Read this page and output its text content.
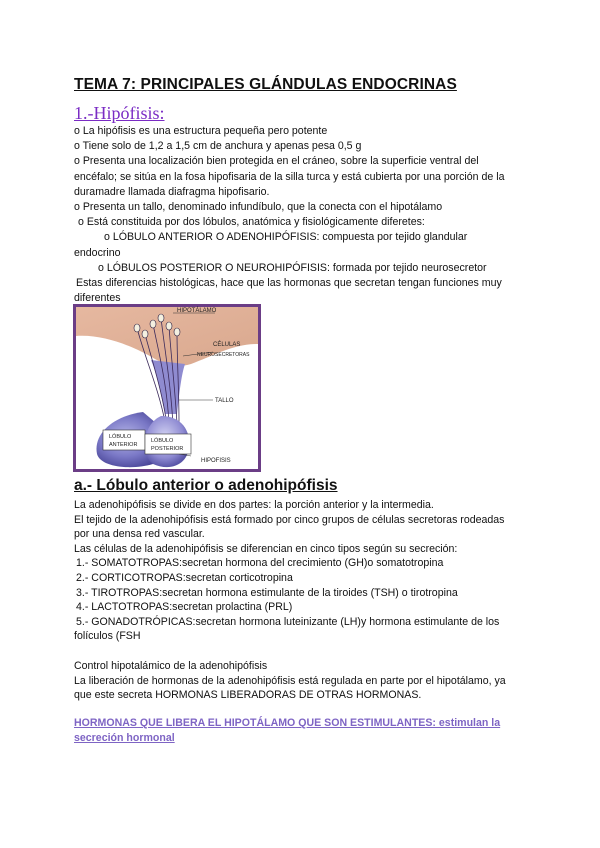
TEMA 7: PRINCIPALES GLÁNDULAS ENDOCRINAS
1.-Hipófisis:
o La hipófisis es una estructura pequeña pero potente
o Tiene solo de 1,2 a 1,5 cm de anchura y apenas pesa 0,5 g
o Presenta una localización bien protegida en el cráneo, sobre la superficie ventral del
encéfalo; se sitúa en la fosa hipofisaria de la silla turca y está cubierta por una porción de la
duramadre llamada diafragma hipofisario.
o Presenta un tallo, denominado infundíbulo, que la conecta con el hipotálamo
o Está constituida por dos lóbulos, anatómica y fisiológicamente diferetes:
o LÓBULO ANTERIOR O ADENOHIPÓFISIS: compuesta por tejido glandular
endocrino
o LÓBULOS POSTERIOR O NEUROHIPÓFISIS: formada por tejido neurosecretor
Estas diferencias histológicas, hace que las hormonas que secretan tengan funciones muy
diferentes
HIPOTÁLAMO
CÉLULAS
NEUROSECRETORAS
TALLO
LÓBULO
ANTERIOR
LÓBULO
POSTERIOR
HIPOFISIS
a.- Lóbulo anterior o adenohipófisis
La adenohipófisis se divide en dos partes: la porción anterior y la intermedia.
El tejido de la adenohipófisis está formado por cinco grupos de células secretoras rodeadas
por una densa red vascular.
Las células de la adenohipófisis se diferencian en cinco tipos según su secreción:
1.- SOMATOTROPAS:secretan hormona del crecimiento (GH)o somatotropina
2.- CORTICOTROPAS:secretan corticotropina
3.- TIROTROPAS:secretan hormona estimulante de la tiroides (TSH) o tirotropina
4.- LACTOTROPAS:secretan prolactina (PRL)
5.- GONADOTRÓPICAS:secretan hormona luteinizante (LH)y hormona estimulante de los
folículos (FSH
Control hipotalámico de la adenohipófisis
La liberación de hormonas de la adenohipófisis está regulada en parte por el hipotálamo, ya
que este secreta HORMONAS LIBERADORAS DE OTRAS HORMONAS.
HORMONAS QUE LIBERA EL HIPOTÁLAMO QUE SON ESTIMULANTES: estimulan la secreción hormonal
